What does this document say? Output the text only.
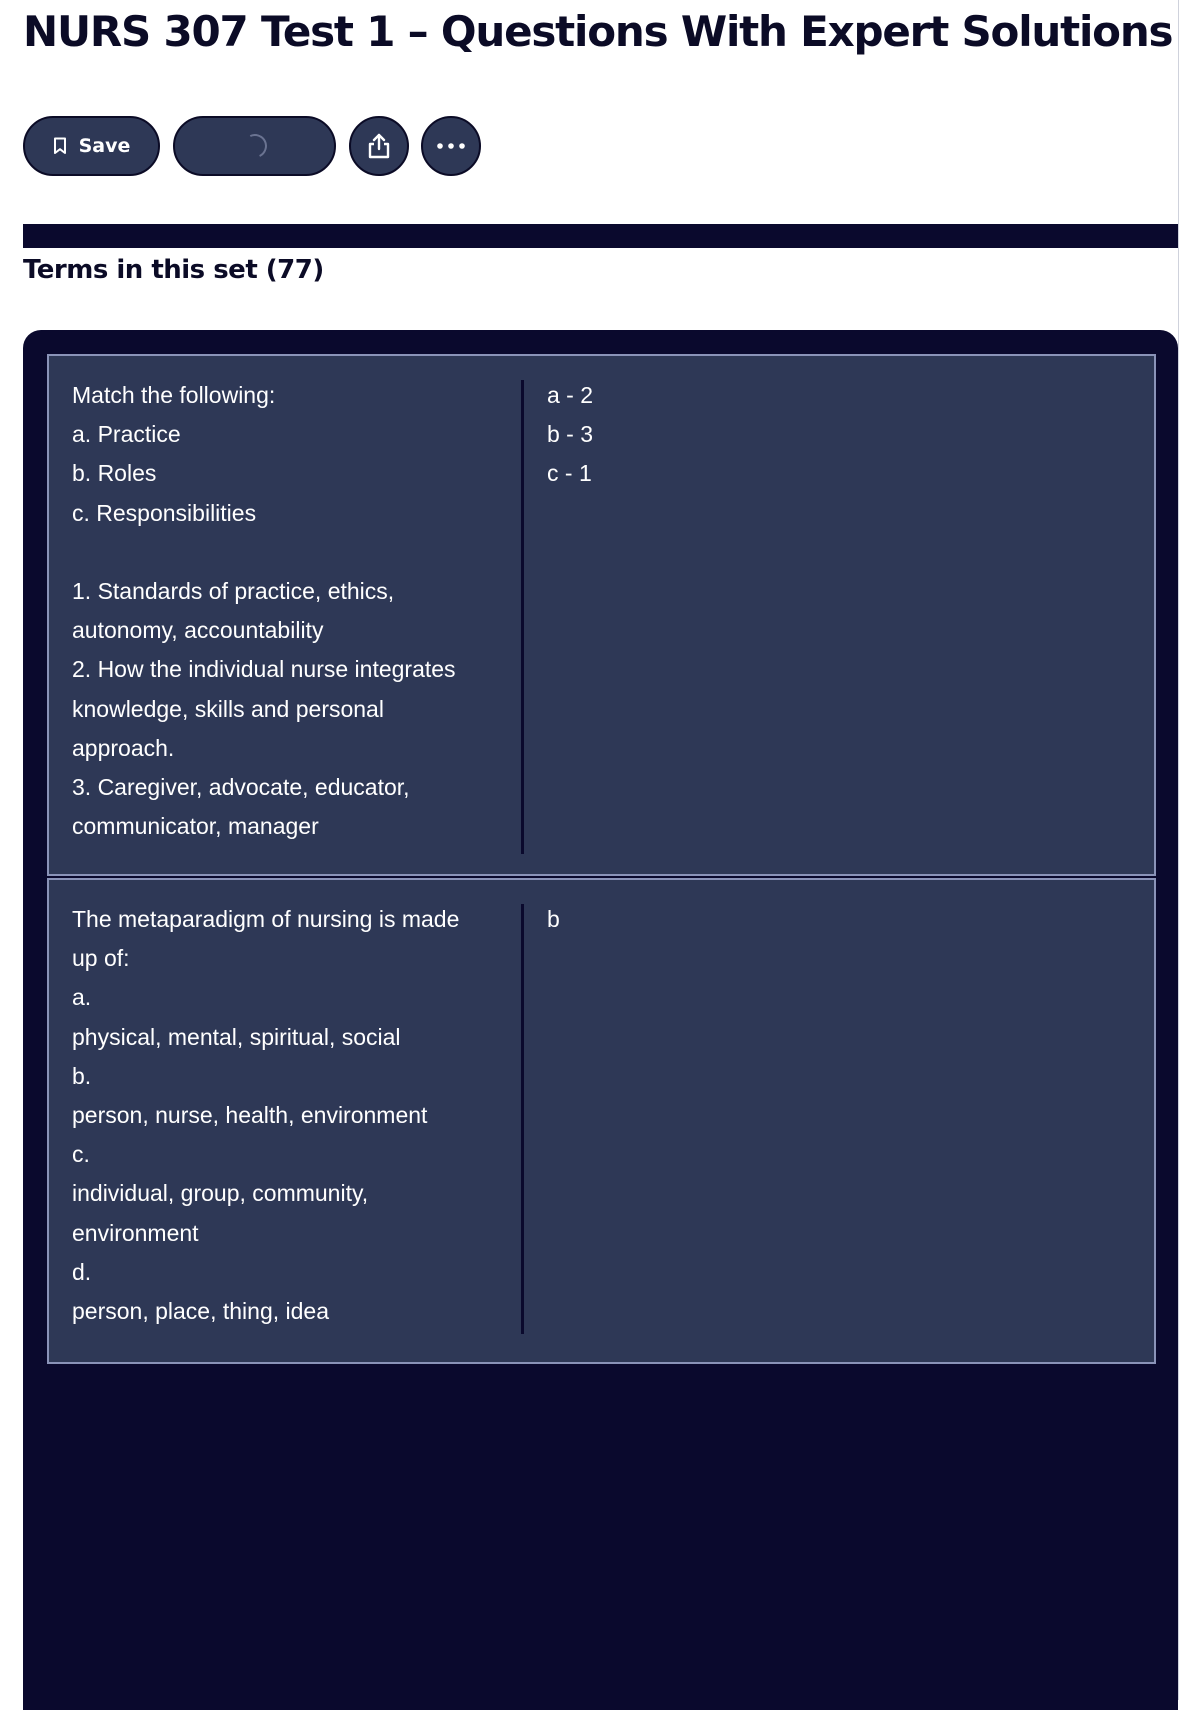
NURS 307 Test 1 – Questions With Expert Solutions
Save
Terms in this set (77)
Match the following:
a. Practice
b. Roles
c. Responsibilities
1. Standards of practice, ethics,
autonomy, accountability
2. How the individual nurse integrates
knowledge, skills and personal
approach.
3. Caregiver, advocate, educator,
communicator, manager
a - 2
b - 3
c - 1
The metaparadigm of nursing is made
up of:
a.
physical, mental, spiritual, social
b.
person, nurse, health, environment
c.
individual, group, community,
environment
d.
person, place, thing, idea
b
